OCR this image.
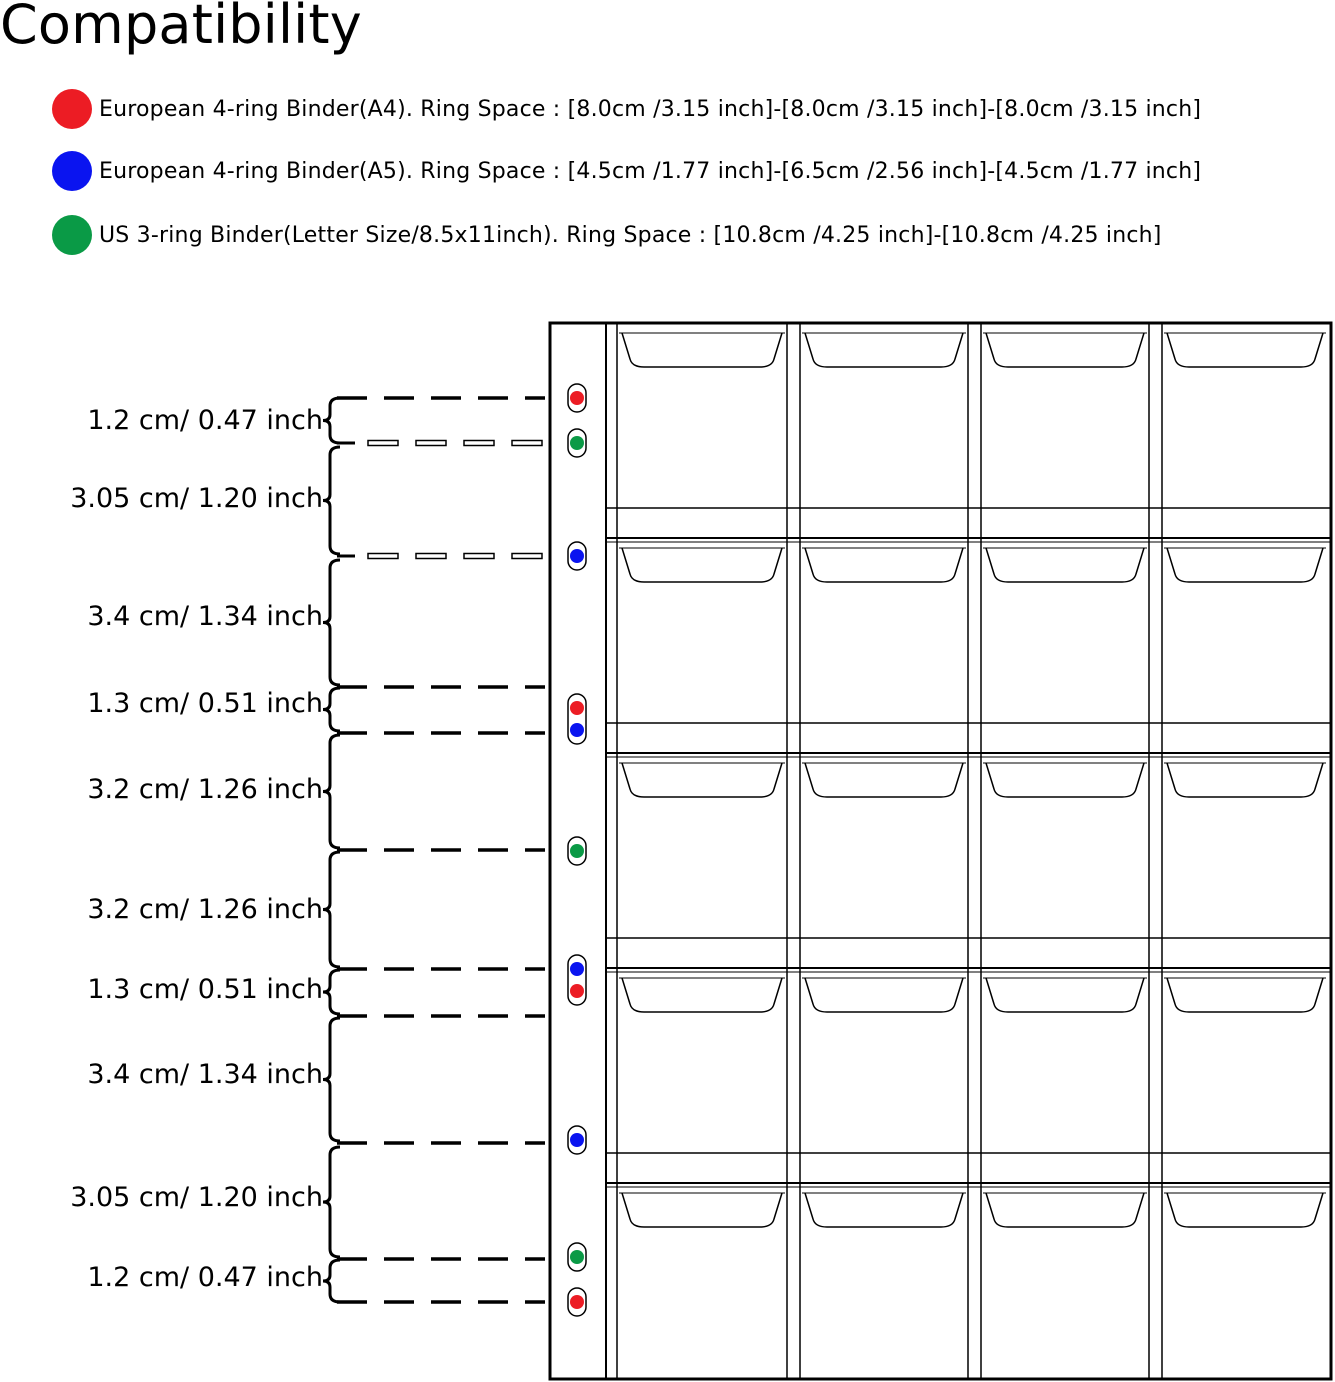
Compatibility
European 4-ring Binder(A4). Ring Space : [8.0cm /3.15 inch]-[8.0cm /3.15 inch]-[8.0cm /3.15 inch]
European 4-ring Binder(A5). Ring Space : [4.5cm /1.77 inch]-[6.5cm /2.56 inch]-[4.5cm /1.77 inch]
US 3-ring Binder(Letter Size/8.5x11inch). Ring Space : [10.8cm /4.25 inch]-[10.8cm /4.25 inch]
1.2 cm/ 0.47 inch
3.05 cm/ 1.20 inch
3.4 cm/ 1.34 inch
1.3 cm/ 0.51 inch
3.2 cm/ 1.26 inch
3.2 cm/ 1.26 inch
1.3 cm/ 0.51 inch
3.4 cm/ 1.34 inch
3.05 cm/ 1.20 inch
1.2 cm/ 0.47 inch
